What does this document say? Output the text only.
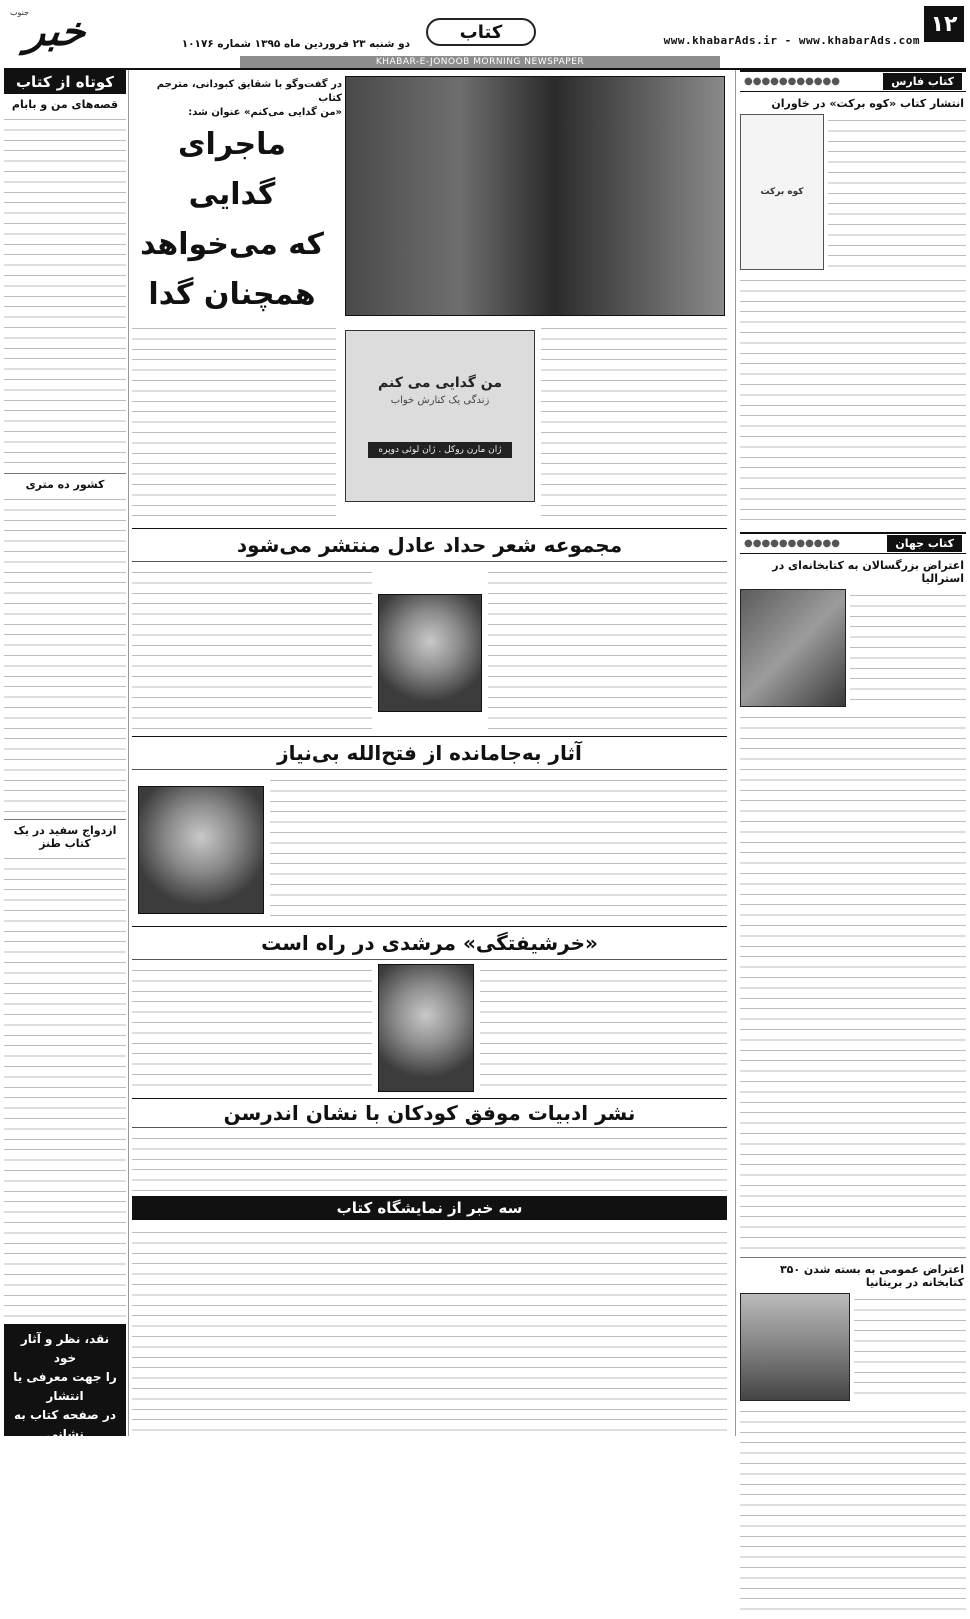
۱۲
www.khabarAds.ir - www.khabarAds.com
کتاب
دو شنبه ۲۳ فروردین ماه ۱۳۹۵ شماره ۱۰۱۷۶
خبر
جنوب
KHABAR-E-JONOOB MORNING NEWSPAPER
کوتاه از کتاب
قصه‌های من و بابام
کشور ده متری
ازدواج سفید در یک کتاب طنز
نقد، نظر و آثار خود
را جهت معرفی یا انتشار
در صفحه کتاب به نشانی
زیر ارسال نمایید:
ketab@khabarads.com
کتاب فارس
●●●●●●●●●●●
انتشار کتاب «کوه برکت» در خاوران
کوه برکت
کتاب جهان
●●●●●●●●●●●
اعتراض بزرگسالان به کتابخانه‌ای در استرالیا
اعتراض عمومی به بسته شدن ۳۵۰ کتابخانه در بریتانیا
در گفت‌وگو با شقایق کبودانی، مترجم کتاب
«من گدایی می‌کنم» عنوان شد:
ماجرای گدایی
که می‌خواهد
همچنان گدا
من گدایی می کنم
زندگی یک کنارش خواب
ژان مارن روکل . ژان لوئی دوپره
مجموعه شعر حداد عادل منتشر می‌شود
آثار به‌جامانده از فتح‌الله بی‌نیاز
«خرشیفتگی» مرشدی در راه است
نشر ادبیات موفق کودکان با نشان اندرسن
سه خبر از نمایشگاه کتاب
